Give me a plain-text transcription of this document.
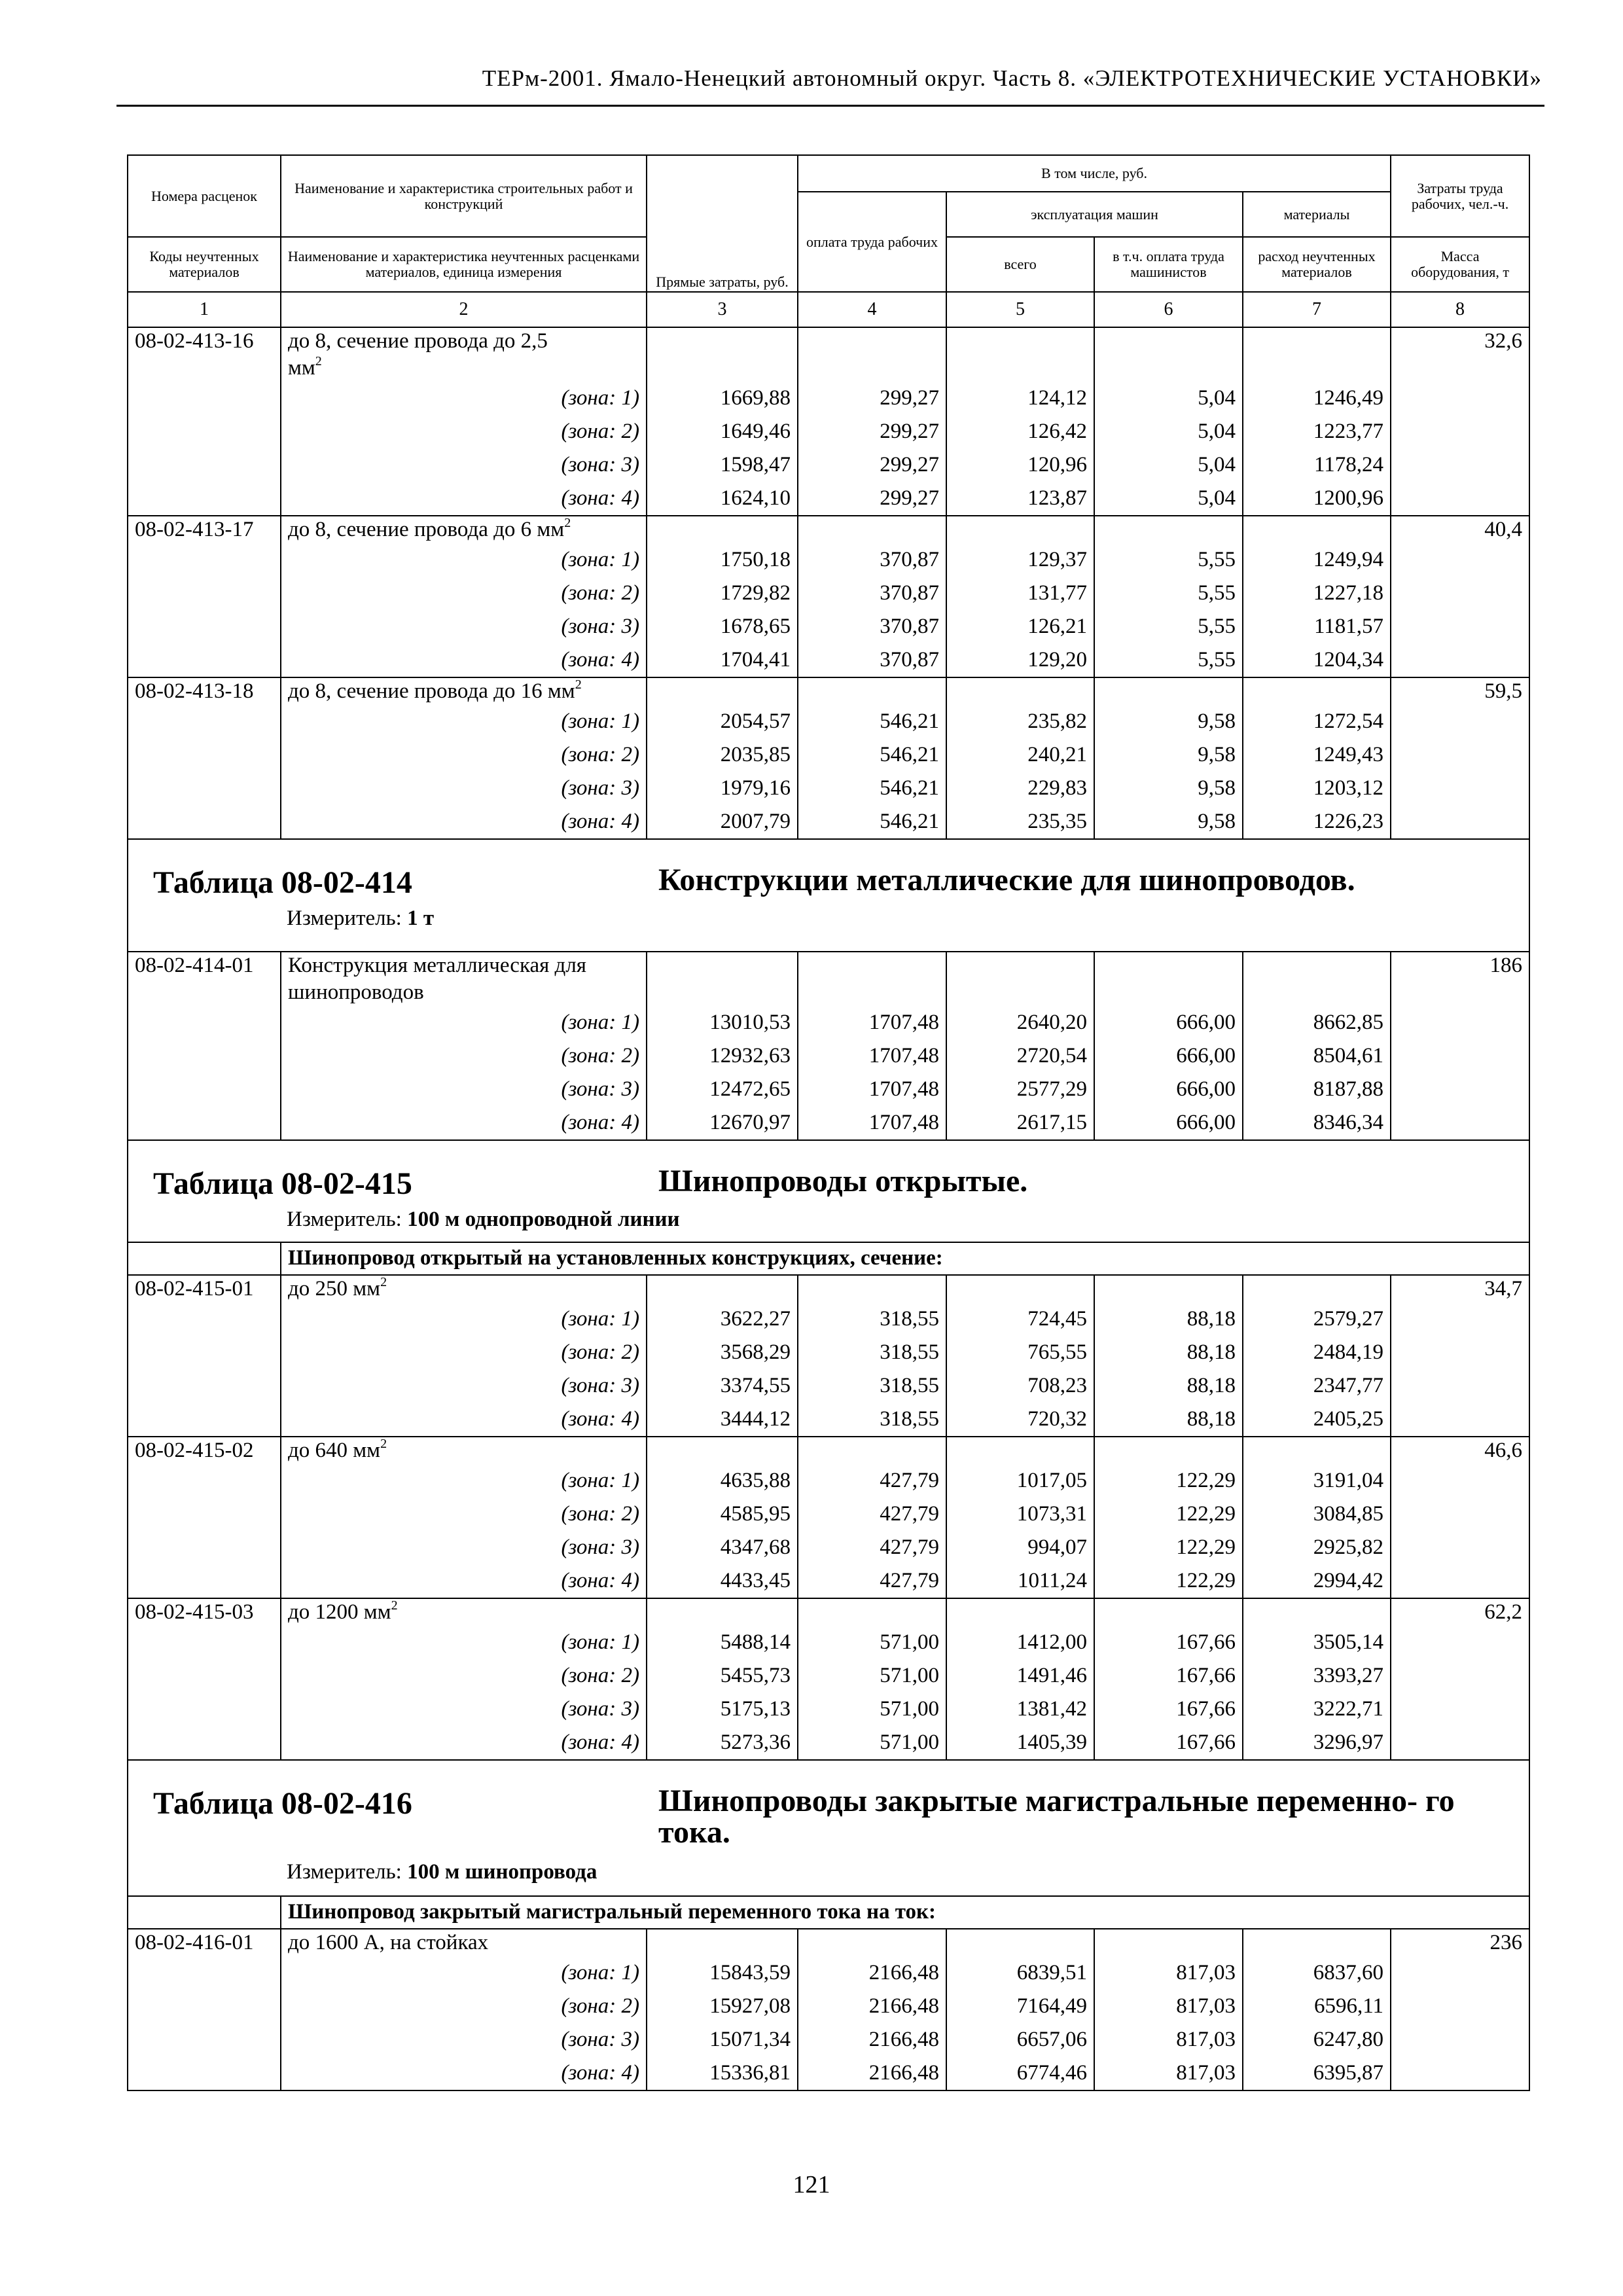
ТЕРм-2001. Ямало-Ненецкий автономный округ. Часть 8. «ЭЛЕКТРОТЕХНИЧЕСКИЕ УСТАНОВКИ»
Номера расценок	Наименование и характеристика строительных работ и конструкций	Прямые затраты, руб.	В том числе, руб.				Затраты труда рабочих, чел.-ч.
			оплата труда рабочих	эксплуатация машин		материалы	
Коды неучтенных материалов	Наименование и характеристика неучтенных расценками материалов, единица измерения			всего	в т.ч. оплата труда машинистов	расход неучтенных материалов	Масса оборудования, т
1	2	3	4	5	6	7	8
08-02-413-16	до 8, сечение провода до 2,5						32,6
	$мм^2$						
	(зона: 1)	1669,88	299,27	124,12	5,04	1246,49	
	(зона: 2)	1649,46	299,27	126,42	5,04	1223,77	
	(зона: 3)	1598,47	299,27	120,96	5,04	1178,24	
	(зона: 4)	1624,10	299,27	123,87	5,04	1200,96	
08-02-413-17	до 8, сечение провода до 6 $мм^2$						40,4
	(зона: 1)	1750,18	370,87	129,37	5,55	1249,94	
	(зона: 2)	1729,82	370,87	131,77	5,55	1227,18	
	(зона: 3)	1678,65	370,87	126,21	5,55	1181,57	
	(зона: 4)	1704,41	370,87	129,20	5,55	1204,34	
08-02-413-18	до 8, сечение провода до 16 $мм^2$						59,5
	(зона: 1)	2054,57	546,21	235,82	9,58	1272,54	
	(зона: 2)	2035,85	546,21	240,21	9,58	1249,43	
	(зона: 3)	1979,16	546,21	229,83	9,58	1203,12	
	(зона: 4)	2007,79	546,21	235,35	9,58	1226,23	

Таблица 08-02-414 Конструкции металлические для шинопроводов.
Измеритель: 1 т							

08-02-414-01	Конструкция металлическая для						186
	шинопроводов						
	(зона: 1)	13010,53	1707,48	2640,20	666,00	8662,85	
	(зона: 2)	12932,63	1707,48	2720,54	666,00	8504,61	
	(зона: 3)	12472,65	1707,48	2577,29	666,00	8187,88	
	(зона: 4)	12670,97	1707,48	2617,15	666,00	8346,34	

Таблица 08-02-415 Шинопроводы открытые.
Измеритель: 100 м однопроводной линии							

	Шинопровод открытый на установленных конструкциях, сечение:						
08-02-415-01	до 250 $мм^2$						34,7
	(зона: 1)	3622,27	318,55	724,45	88,18	2579,27	
	(зона: 2)	3568,29	318,55	765,55	88,18	2484,19	
	(зона: 3)	3374,55	318,55	708,23	88,18	2347,77	
	(зона: 4)	3444,12	318,55	720,32	88,18	2405,25	
08-02-415-02	до 640 $мм^2$						46,6
	(зона: 1)	4635,88	427,79	1017,05	122,29	3191,04	
	(зона: 2)	4585,95	427,79	1073,31	122,29	3084,85	
	(зона: 3)	4347,68	427,79	994,07	122,29	2925,82	
	(зона: 4)	4433,45	427,79	1011,24	122,29	2994,42	
08-02-415-03	до 1200 $мм^2$						62,2
	(зона: 1)	5488,14	571,00	1412,00	167,66	3505,14	
	(зона: 2)	5455,73	571,00	1491,46	167,66	3393,27	
	(зона: 3)	5175,13	571,00	1381,42	167,66	3222,71	
	(зона: 4)	5273,36	571,00	1405,39	167,66	3296,97	

Таблица 08-02-416 Шинопроводы закрытые магистральные переменно- го тока.
Измеритель: 100 м шинопровода							

	Шинопровод закрытый магистральный переменного тока на ток:						
08-02-416-01	до 1600 А, на стойках						236
	(зона: 1)	15843,59	2166,48	6839,51	817,03	6837,60	
	(зона: 2)	15927,08	2166,48	7164,49	817,03	6596,11	
	(зона: 3)	15071,34	2166,48	6657,06	817,03	6247,80	
	(зона: 4)	15336,81	2166,48	6774,46	817,03	6395,87	
121
